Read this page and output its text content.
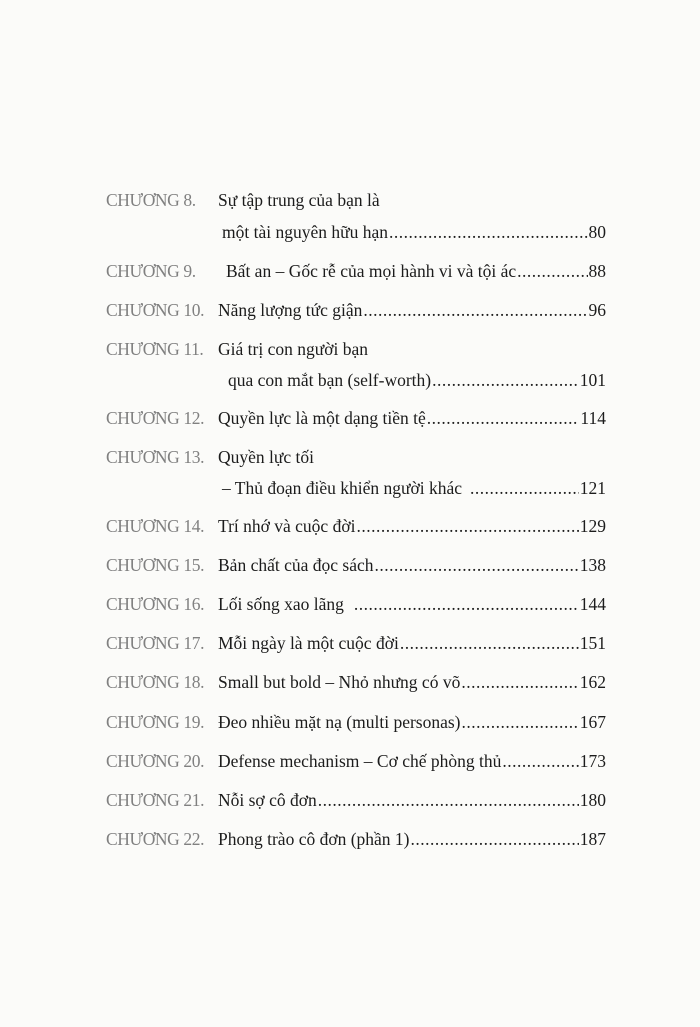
CHƯƠNG 8. Sự tập trung của bạn là
một tài nguyên hữu hạn .....	80
CHƯƠNG 9. Bất an – Gốc rễ của mọi hành vi và tội ác .....	88
CHƯƠNG 10. Năng lượng tức giận .....	96
CHƯƠNG 11. Giá trị con người bạn
qua con mắt bạn (self-worth) .....	101
CHƯƠNG 12. Quyền lực là một dạng tiền tệ .....	114
CHƯƠNG 13. Quyền lực tối
– Thủ đoạn điều khiển người khác .....	121
CHƯƠNG 14. Trí nhớ và cuộc đời .....	129
CHƯƠNG 15. Bản chất của đọc sách .....	138
CHƯƠNG 16. Lối sống xao lãng .....	144
CHƯƠNG 17. Mỗi ngày là một cuộc đời .....	151
CHƯƠNG 18. Small but bold – Nhỏ nhưng có võ .....	162
CHƯƠNG 19. Đeo nhiều mặt nạ (multi personas) .....	167
CHƯƠNG 20. Defense mechanism – Cơ chế phòng thủ .....	173
CHƯƠNG 21. Nỗi sợ cô đơn .....	180
CHƯƠNG 22. Phong trào cô đơn (phần 1) .....	187
